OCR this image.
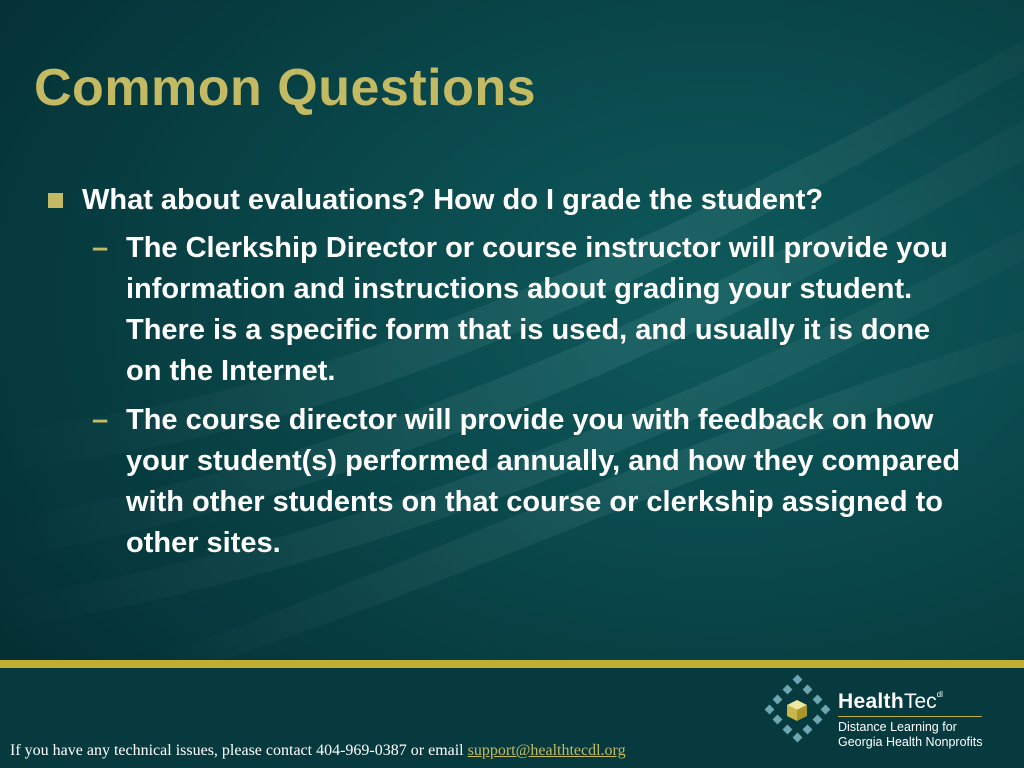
Common Questions
What about evaluations? How do I grade the student?
– The Clerkship Director or course instructor will provide you information and instructions about grading your student. There is a specific form that is used, and usually it is done on the Internet.
– The course director will provide you with feedback on how your student(s) performed annually, and how they compared with other students on that course or clerkship assigned to other sites.
If you have any technical issues, please contact 404-969-0387 or email support@healthtecdl.org
HealthTec$^{dl}$
Distance Learning for
Georgia Health Nonprofits
